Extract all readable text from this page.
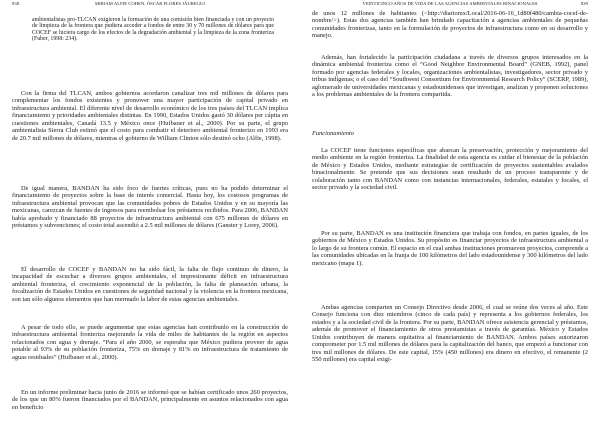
838	MIRIAM ALFIE COHEN, ÓSCAR FLORES JÁUREGUI

ambientalistas pro-TLCAN exigieron la formación de una comisión bien financiada y con un proyecto de limpieza de la frontera que pudiera acceder a fondos de entre 30 y 70 millones de dólares para que COCEF se hiciera cargo de los efectos de la degradación ambiental y la limpieza de la zona fronteriza (Fuber, 1998: 234).

Con la firma del TLCAN, ambos gobiernos acordaron canalizar tres mil millones de dólares para complementar los fondos existentes y promover una mayor participación de capital privado en infraestructura ambiental. El diferente nivel de desarrollo económico de los tres países del TLCAN implica financiamiento y prioridades ambientales distintas. En 1990, Estados Unidos gastó 30 dólares per cápita en cuestiones ambientales, Canadá 13.5 y México once (Hufbauer et al., 2000). Por su parte, el grupo ambientalista Sierra Club estimó que el costo para combatir el deterioro ambiental fronterizo en 1993 era de 20.7 mil millones de dólares, mientras el gobierno de William Clinton sólo destinó ocho (Alfie, 1998).

De igual manera, BANDAN ha sido foco de fuertes críticas, pues no ha podido determinar el financiamiento de proyectos sobre la base de interés comercial. Hasta hoy, los costosos programas de infraestructura ambiental provocan que las comunidades pobres de Estados Unidos y en su mayoría las mexicanas, carezcan de fuentes de ingresos para reembolsar los préstamos recibidos. Para 2006, BANDAN había aprobado y financiado 88 proyectos de infraestructura ambiental con 675 millones de dólares en préstamos y subvenciones; el costo total ascendió a 2.5 mil millones de dólares (Ganster y Lorey, 2006).

El desarrollo de COCEF y BANDAN no ha sido fácil, la falta de flujo continuo de dinero, la incapacidad de escuchar a diversos grupos ambientales, el impresionante déficit en infraestructura ambiental fronteriza, el crecimiento exponencial de la población, la falta de planeación urbana, la focalización de Estados Unidos en cuestiones de seguridad nacional y la violencia en la frontera mexicana, son tan sólo algunos elementos que han mermado la labor de estas agencias ambientales.

A pesar de todo ello, se puede argumentar que estas agencias han contribuido en la construcción de infraestructura ambiental fronteriza mejorando la vida de miles de habitantes de la región en aspectos relacionados con agua y drenaje. “Para el año 2000, se esperaba que México pudiera proveer de agua potable al 93% de su población fronteriza, 75% en drenaje y 81% en infraestructura de tratamiento de aguas residuales” (Hufbauer et al., 2000).

En un informe preliminar hacia junio de 2016 se informó que se habían certificado unos 260 proyectos, de los que un 80% fueron financiados por el BANDAN, principalmente en asuntos relacionados con agua en beneficio

VEINTICINCO AÑOS DE VIDA DE LAS AGENCIAS AMBIENTALES BINACIONALES	839

de unos 12 millones de habitantes (<http://diariomx/Local/2016-06-16_1d80f480/cambia-cocef-de-nombre/>). Estas dos agencias también han brindado capacitación a agencias ambientales de pequeñas comunidades fronterizas, tanto en la formulación de proyectos de infraestructura como en su desarrollo y manejo.

Además, han fortalecido la participación ciudadana a través de diversos grupos interesados en la dinámica ambiental fronteriza como el “Good Neighbor Environmental Board” (GNEB, 1992), panel formado por agencias federales y locales, organizaciones ambientalistas, investigadores, sector privado y tribus indígenas; o el caso del “Southwest Consortium for Environmental Research Policy” (SCERP, 1989), aglomerado de universidades mexicanas y estadounidenses que investigan, analizan y proponen soluciones a los problemas ambientales de la frontera compartida.

Funcionamiento

La COCEF tiene funciones específicas que abarcan la preservación, protección y mejoramiento del medio ambiente en la región fronteriza. La finalidad de esta agencia es cuidar el bienestar de la población de México y Estados Unidos, mediante estrategias de certificación de proyectos sustentables avalados binacionalmente. Se pretende que sus decisiones sean resultado de un proceso transparente y de colaboración tanto con BANDAN como con instancias internacionales, federales, estatales y locales, el sector privado y la sociedad civil.

Por su parte, BANDAN es una institución financiera que trabaja con fondos, en partes iguales, de los gobiernos de México y Estados Unidos. Su propósito es financiar proyectos de infraestructura ambiental a lo largo de su frontera común. El espacio en el cual ambas instituciones promueven proyectos, comprende a las comunidades ubicadas en la franja de 100 kilómetros del lado estadounidense y 300 kilómetros del lado mexicano (mapa 1).

Ambas agencias comparten un Consejo Directivo desde 2006, el cual se reúne dos veces al año. Este Consejo funciona con diez miembros (cinco de cada país) y representa a los gobiernos federales, los estados y a la sociedad civil de la frontera. Por su parte, BANDAN ofrece asistencia gerencial y préstamos, además de promover el financiamiento de otros prestamistas a través de garantías. México y Estados Unidos contribuyen de manera equitativa al financiamiento de BANDAN. Ambos países autorizaron comprometer por 1.5 mil millones de dólares para la capitalización del banco, que empezó a funcionar con tres mil millones de dólares. De este capital, 15% (450 millones) era dinero en efectivo, el remanente (2 550 millones) era capital exigi-
